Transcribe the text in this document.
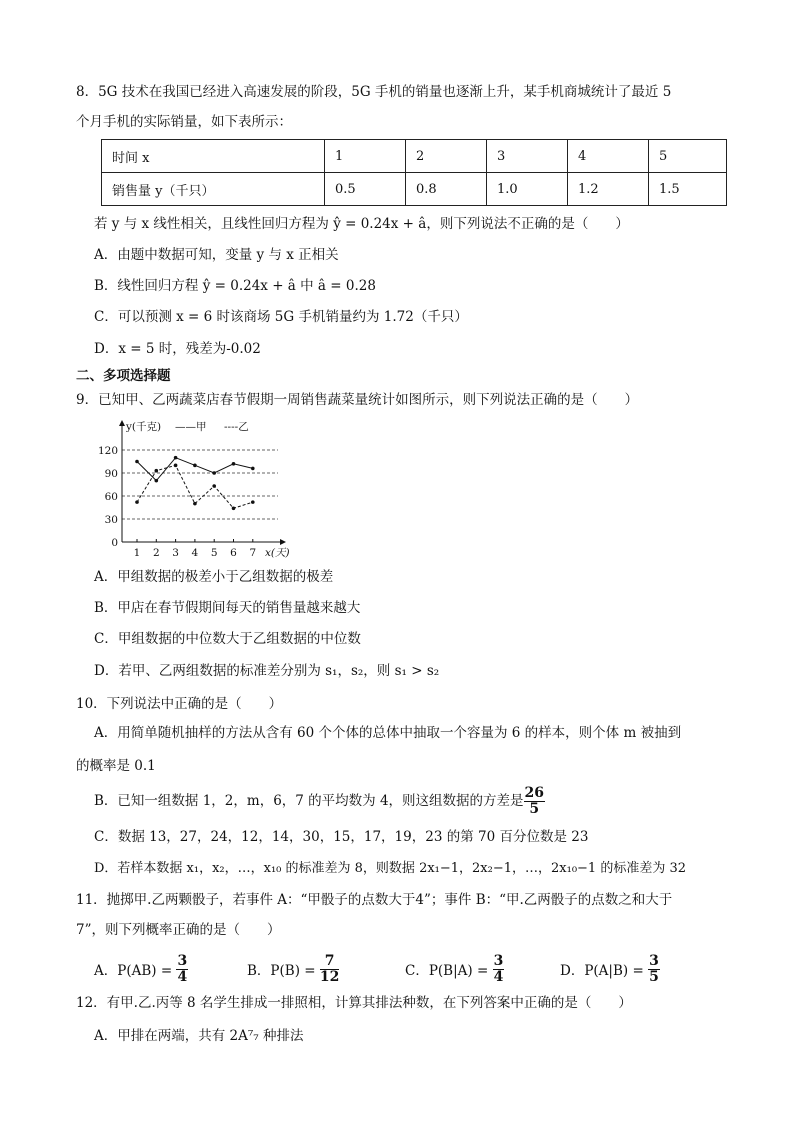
8．5G 技术在我国已经进入高速发展的阶段，5G 手机的销量也逐渐上升，某手机商城统计了最近 5
个月手机的实际销量，如下表所示：
时间 x	1	2	3	4	5
销售量 y（千只）	0.5	0.8	1.0	1.2	1.5
若 y 与 x 线性相关，且线性回归方程为 ŷ = 0.24x + â，则下列说法不正确的是（　　）
A．由题中数据可知，变量 y 与 x 正相关
B．线性回归方程 ŷ = 0.24x + â 中 â = 0.28
C．可以预测 x = 6 时该商场 5G 手机销量约为 1.72（千只）
D．x = 5 时，残差为-0.02
二、多项选择题
9．已知甲、乙两蔬菜店春节假期一周销售蔬菜量统计如图所示，则下列说法正确的是（　　）
0
30
60
90
120
1 2 3 4 5 6 7
y(千克) ——甲 ----乙
x(天)
A．甲组数据的极差小于乙组数据的极差
B．甲店在春节假期间每天的销售量越来越大
C．甲组数据的中位数大于乙组数据的中位数
D．若甲、乙两组数据的标准差分别为 s₁，s₂，则 s₁ > s₂
10．下列说法中正确的是（　　）
A．用简单随机抽样的方法从含有 60 个个体的总体中抽取一个容量为 6 的样本，则个体 m 被抽到
的概率是 0.1
B．已知一组数据 1，2，m，6，7 的平均数为 4，则这组数据的方差是 $\frac{26}{5}$
C．数据 13，27，24，12，14，30，15，17，19，23 的第 70 百分位数是 23
D．若样本数据 x₁，x₂，…，x₁₀ 的标准差为 8，则数据 2x₁−1，2x₂−1，…，2x₁₀−1 的标准差为 32
11．抛掷甲.乙两颗骰子，若事件 A：“甲骰子的点数大于4”；事件 B：“甲.乙两骰子的点数之和大于
7”，则下列概率正确的是（　　）
A．P(AB) =
$\frac{3}{4}$	B．P(B) =
$\frac{7}{12}$	C．P(B|A) =
$\frac{3}{4}$	D．P(A|B) =
$\frac{3}{5}$
12．有甲.乙.丙等 8 名学生排成一排照相，计算其排法种数，在下列答案中正确的是（　　）
A．甲排在两端，共有 2A⁷₇ 种排法
